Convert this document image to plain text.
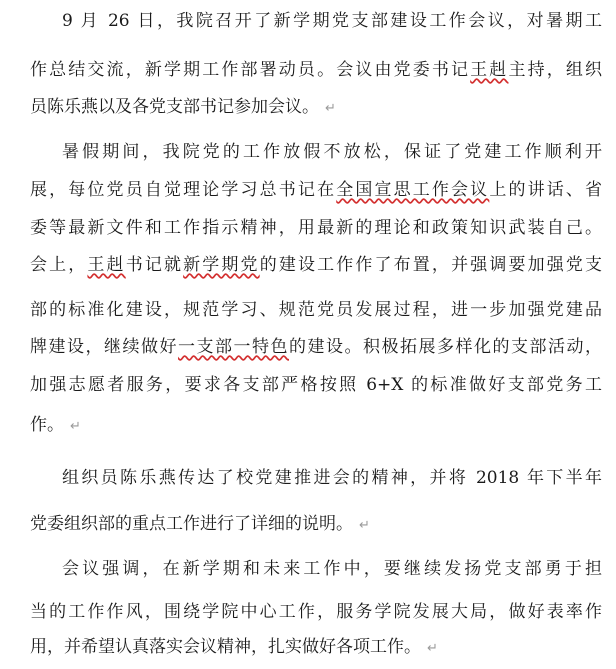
9 月 26 日，我院召开了新学期党支部建设工作会议，对暑期工
作总结交流，新学期工作部署动员。会议由党委书记王赳主持，组织
员陈乐燕以及各党支部书记参加会议。 ↵
暑假期间，我院党的工作放假不放松，保证了党建工作顺利开
展，每位党员自觉理论学习总书记在全国宣思工作会议上的讲话、省
委等最新文件和工作指示精神，用最新的理论和政策知识武装自己。
会上，王赳书记就新学期党的建设工作作了布置，并强调要加强党支
部的标准化建设，规范学习、规范党员发展过程，进一步加强党建品
牌建设，继续做好一支部一特色的建设。积极拓展多样化的支部活动，
加强志愿者服务，要求各支部严格按照 6+X 的标准做好支部党务工
作。 ↵
组织员陈乐燕传达了校党建推进会的精神，并将 2018 年下半年
党委组织部的重点工作进行了详细的说明。 ↵
会议强调，在新学期和未来工作中，要继续发扬党支部勇于担
当的工作作风，围绕学院中心工作，服务学院发展大局，做好表率作
用，并希望认真落实会议精神，扎实做好各项工作。 ↵
